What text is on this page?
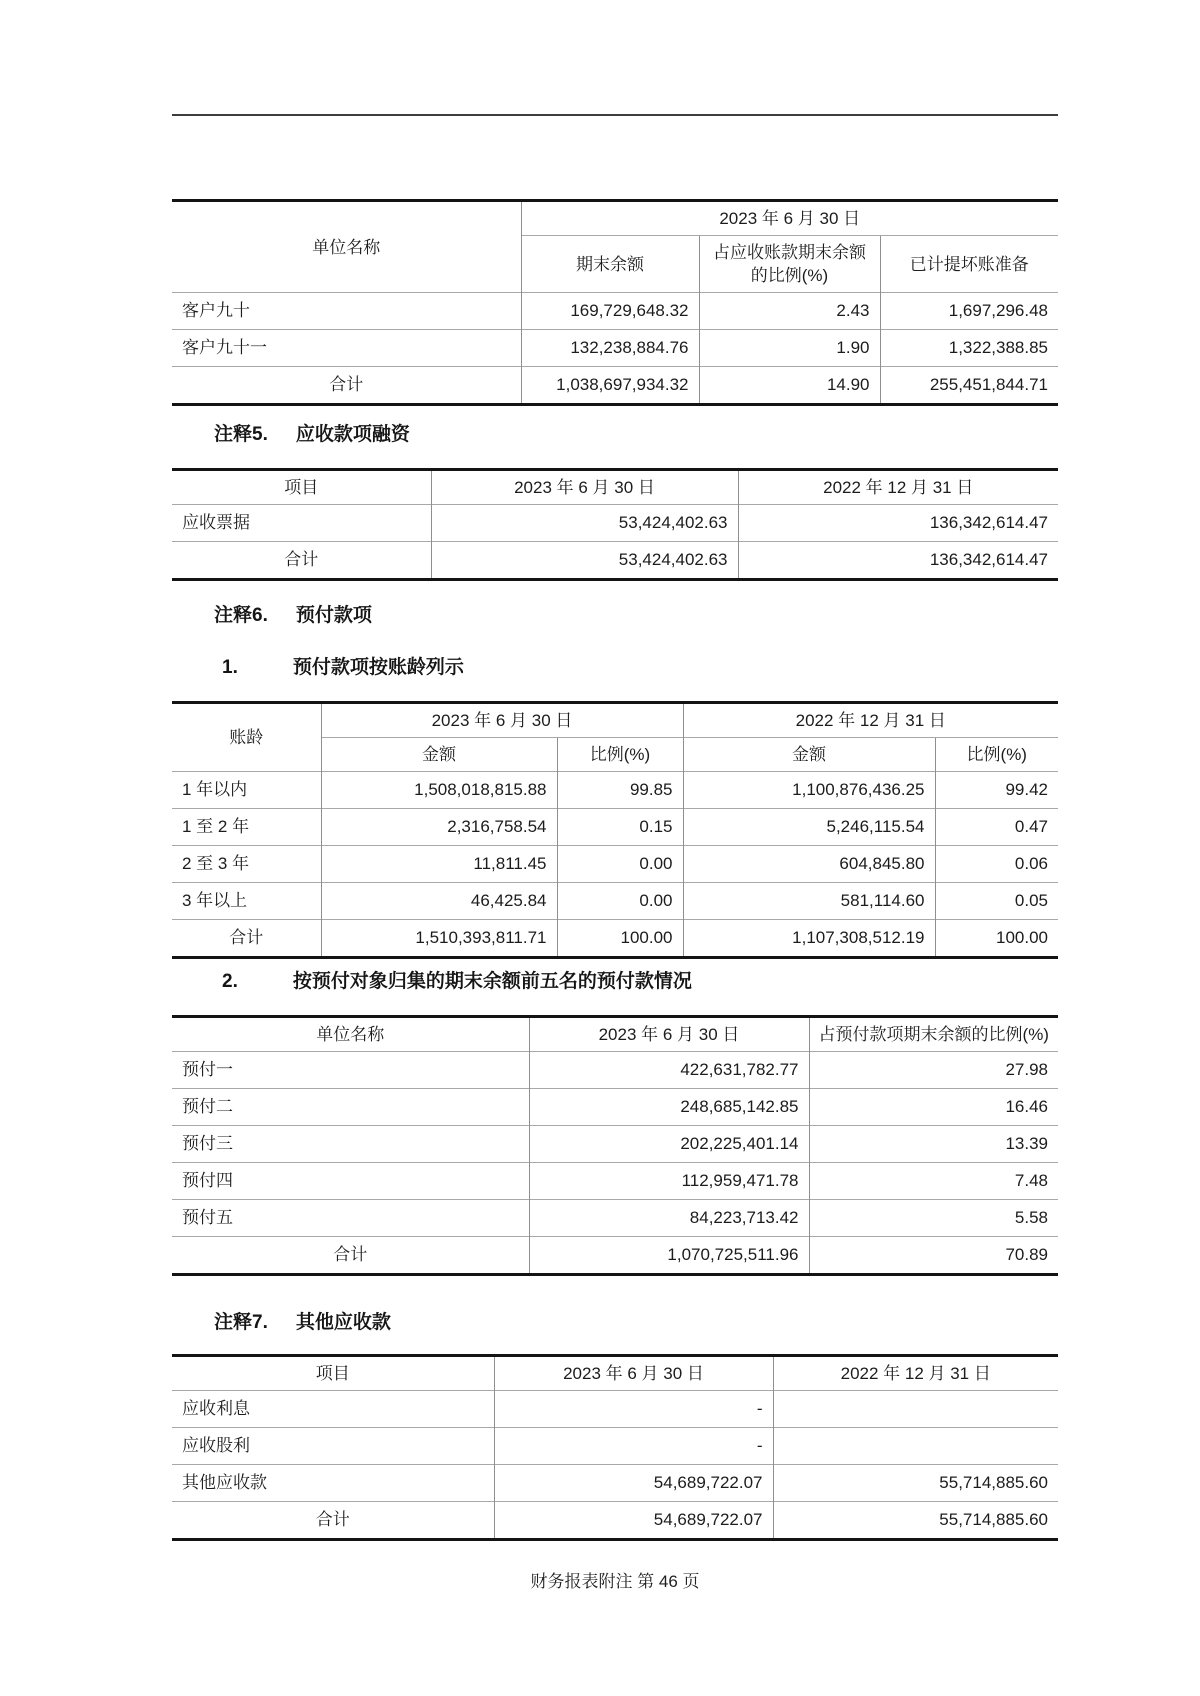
单位名称	2023 年 6 月 30 日		
	期末余额	占应收账款期末余额的比例(%)	已计提坏账准备
客户九十	169,729,648.32	2.43	1,697,296.48
客户九十一	132,238,884.76	1.90	1,322,388.85
合计	1,038,697,934.32	14.90	255,451,844.71
注释5. 应收款项融资
项目	2023 年 6 月 30 日	2022 年 12 月 31 日
应收票据	53,424,402.63	136,342,614.47
合计	53,424,402.63	136,342,614.47
注释6. 预付款项
1.	预付款项按账龄列示
账龄	2023 年 6 月 30 日		2022 年 12 月 31 日	
	金额	比例(%)	金额	比例(%)
1 年以内	1,508,018,815.88	99.85	1,100,876,436.25	99.42
1 至 2 年	2,316,758.54	0.15	5,246,115.54	0.47
2 至 3 年	11,811.45	0.00	604,845.80	0.06
3 年以上	46,425.84	0.00	581,114.60	0.05
合计	1,510,393,811.71	100.00	1,107,308,512.19	100.00
2.	按预付对象归集的期末余额前五名的预付款情况
单位名称	2023 年 6 月 30 日	占预付款项期末余额的比例(%)
预付一	422,631,782.77	27.98
预付二	248,685,142.85	16.46
预付三	202,225,401.14	13.39
预付四	112,959,471.78	7.48
预付五	84,223,713.42	5.58
合计	1,070,725,511.96	70.89
注释7. 其他应收款
项目	2023 年 6 月 30 日	2022 年 12 月 31 日
应收利息	-	
应收股利	-	
其他应收款	54,689,722.07	55,714,885.60
合计	54,689,722.07	55,714,885.60
财务报表附注 第 46 页
